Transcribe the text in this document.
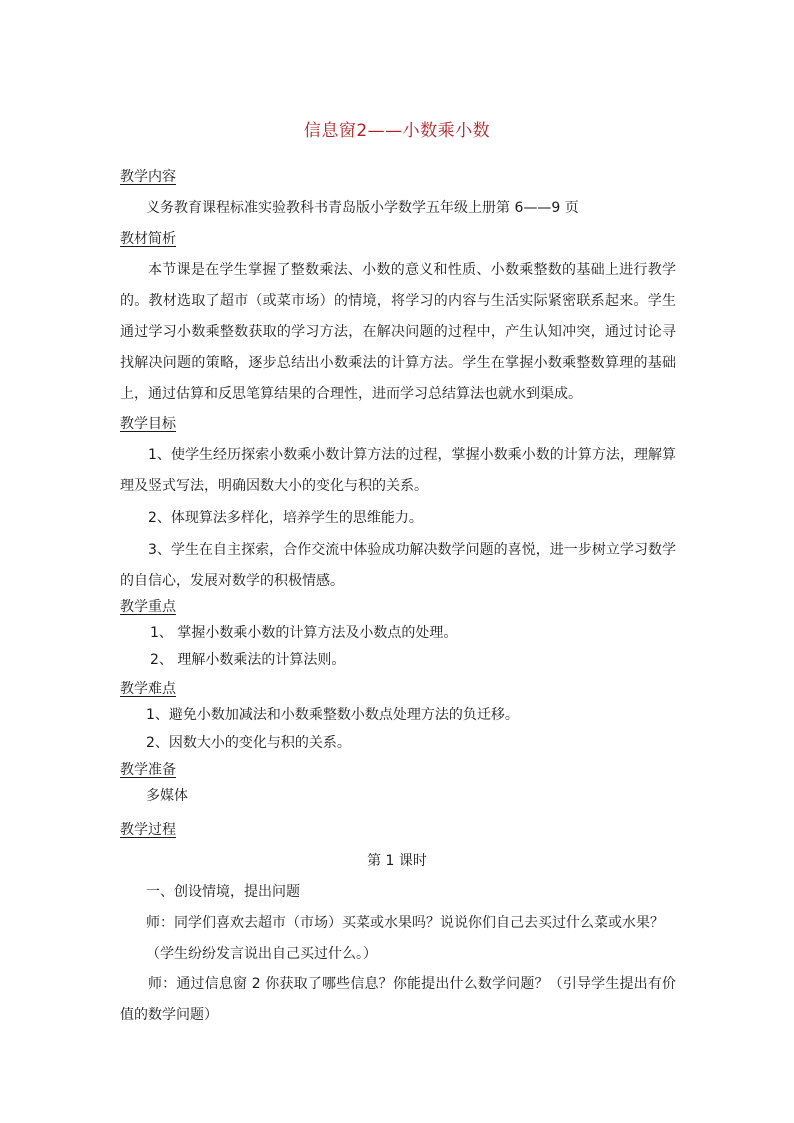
信息窗2——小数乘小数
教学内容
义务教育课程标准实验教科书青岛版小学数学五年级上册第 6——9 页
教材简析
本节课是在学生掌握了整数乘法、小数的意义和性质、小数乘整数的基础上进行教学的。教材选取了超市（或菜市场）的情境，将学习的内容与生活实际紧密联系起来。学生通过学习小数乘整数获取的学习方法，在解决问题的过程中，产生认知冲突，通过讨论寻找解决问题的策略，逐步总结出小数乘法的计算方法。学生在掌握小数乘整数算理的基础上，通过估算和反思笔算结果的合理性，进而学习总结算法也就水到渠成。
教学目标
1、使学生经历探索小数乘小数计算方法的过程，掌握小数乘小数的计算方法，理解算理及竖式写法，明确因数大小的变化与积的关系。
2、体现算法多样化，培养学生的思维能力。
3、学生在自主探索，合作交流中体验成功解决数学问题的喜悦，进一步树立学习数学的自信心，发展对数学的积极情感。
教学重点
1、 掌握小数乘小数的计算方法及小数点的处理。
2、 理解小数乘法的计算法则。
教学难点
1、避免小数加减法和小数乘整数小数点处理方法的负迁移。
2、因数大小的变化与积的关系。
教学准备
多媒体
教学过程
第 1 课时
一、创设情境，提出问题
师：同学们喜欢去超市（市场）买菜或水果吗？说说你们自己去买过什么菜或水果？
（学生纷纷发言说出自己买过什么。）
师：通过信息窗 2 你获取了哪些信息？你能提出什么数学问题？（引导学生提出有价值的数学问题）
